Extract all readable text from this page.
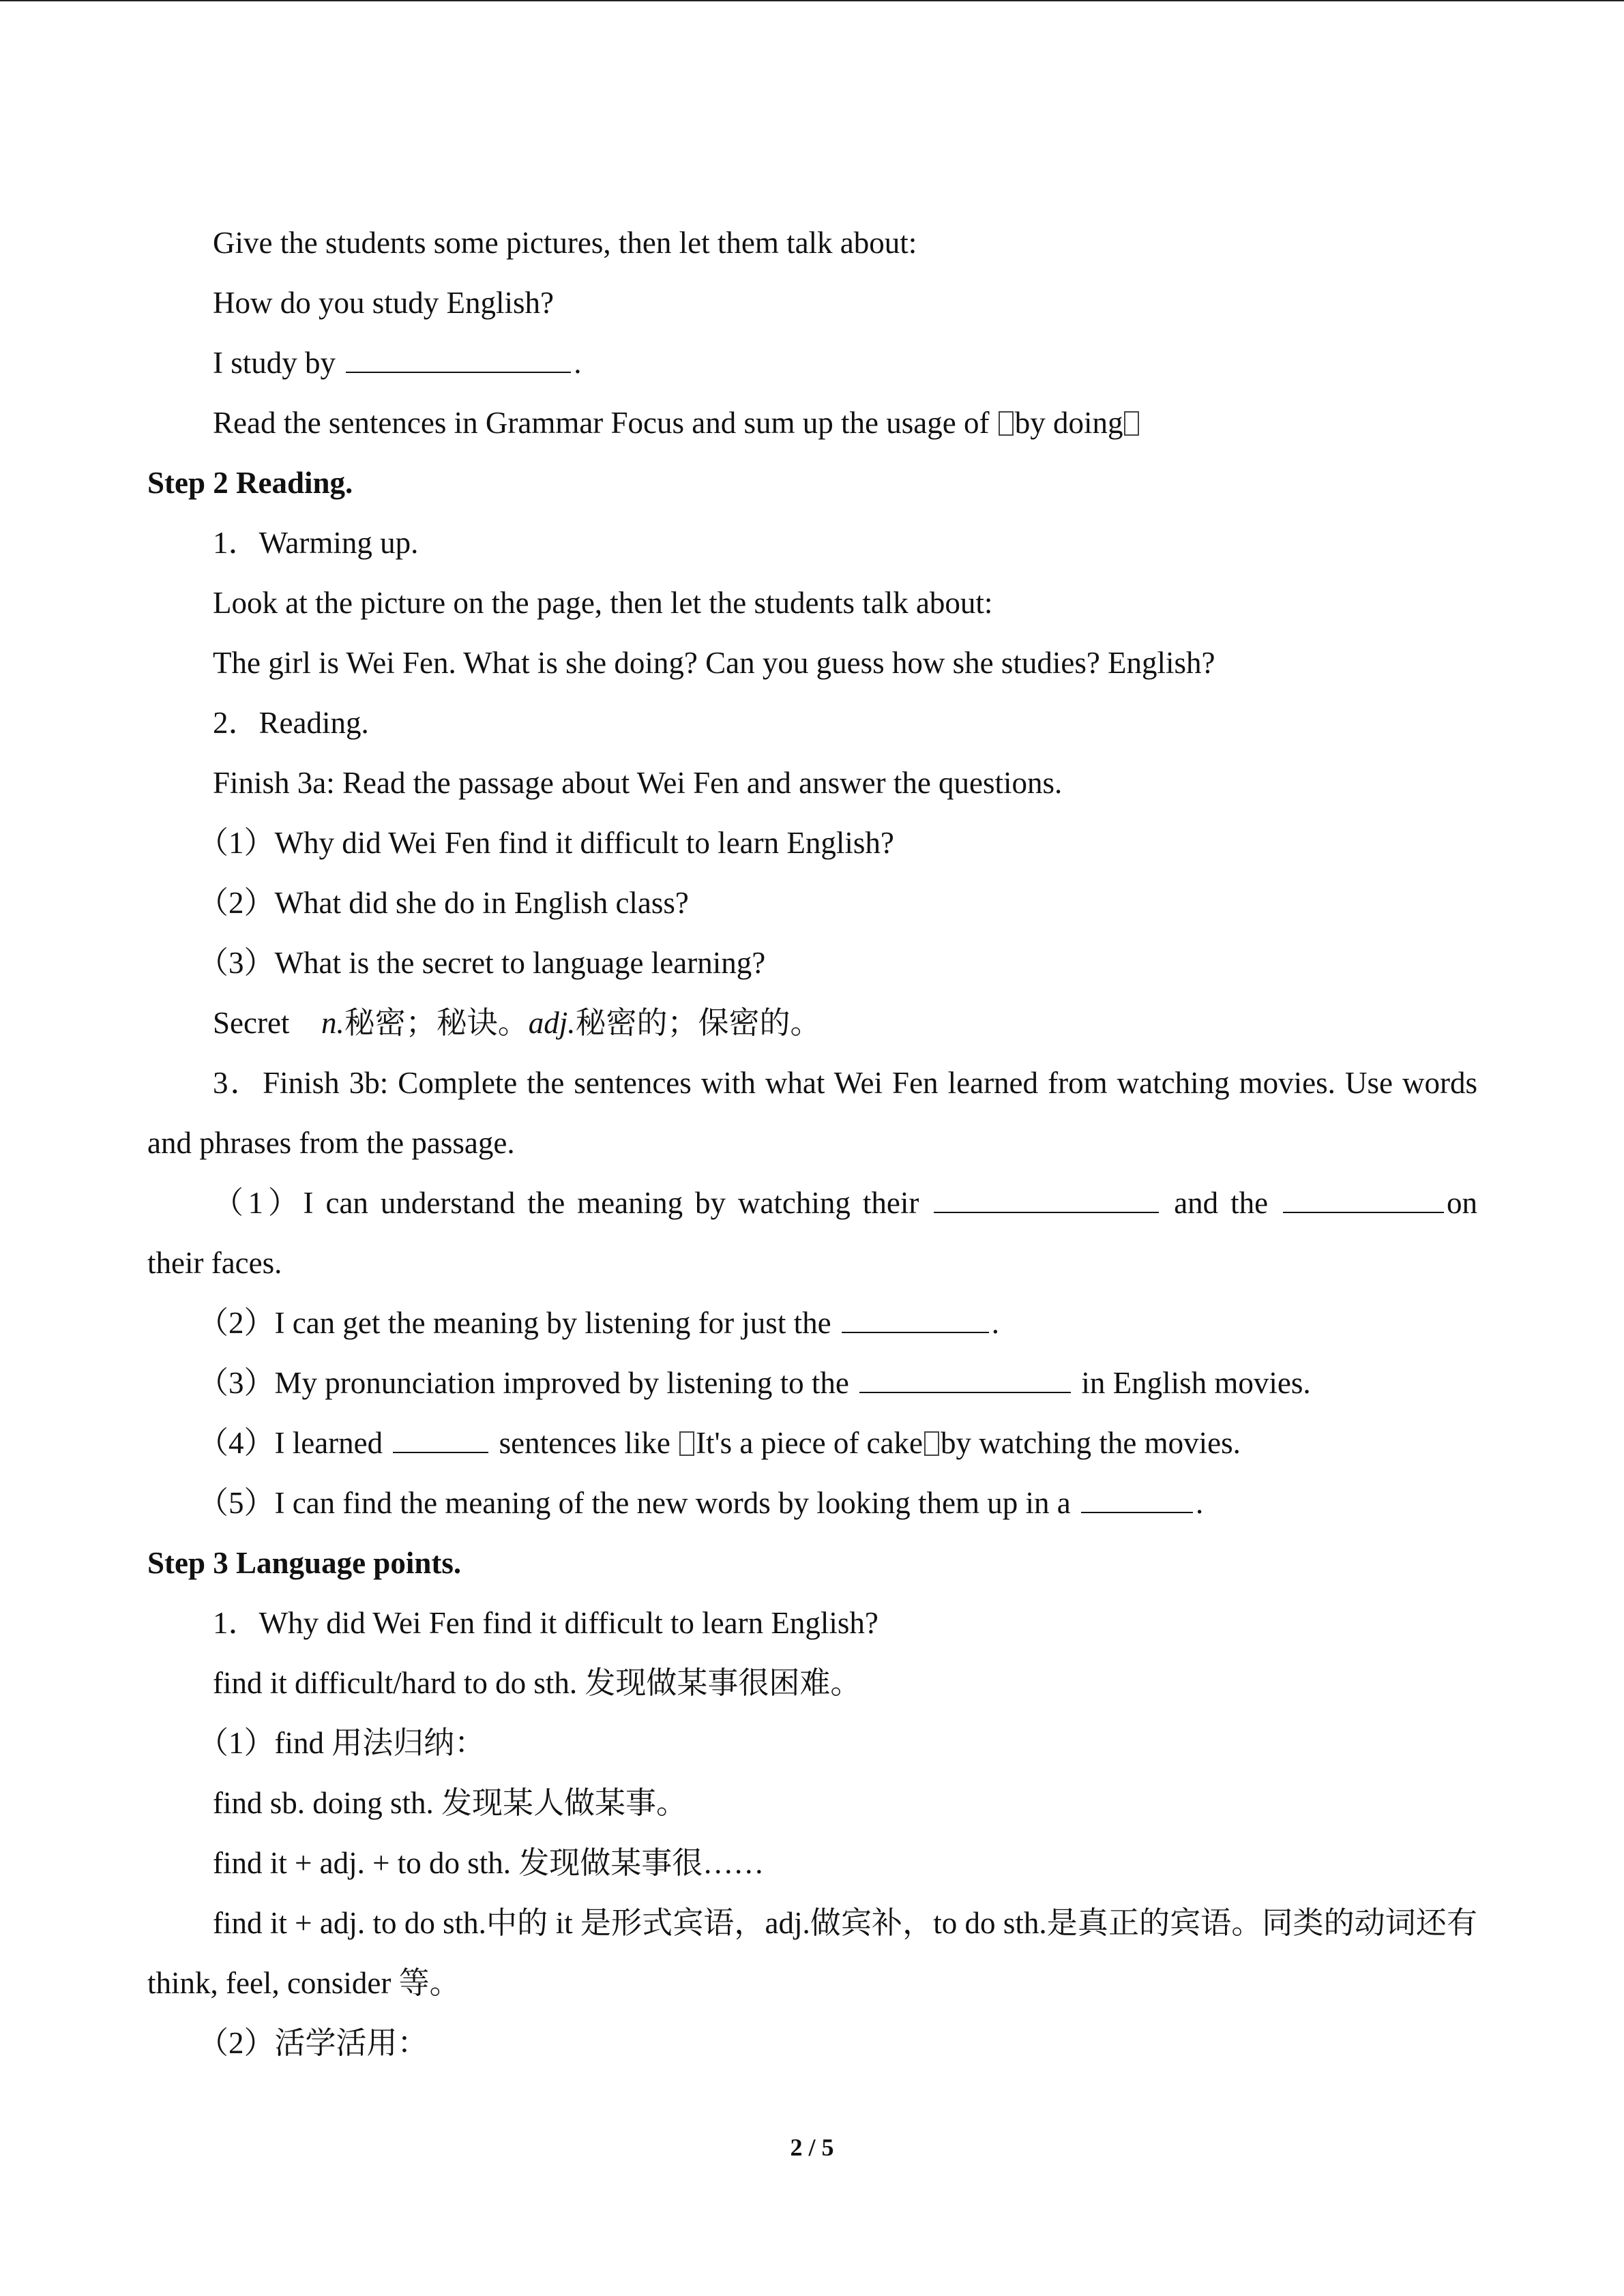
Give the students some pictures, then let them talk about:
How do you study English?
I study by	.
Read the sentences in Grammar Focus and sum up the usage of by doing
Step 2 Reading.
1．Warming up.
Look at the picture on the page, then let the students talk about:
The girl is Wei Fen. What is she doing? Can you guess how she studies? English?
2．Reading.
Finish 3a: Read the passage about Wei Fen and answer the questions.
（1）Why did Wei Fen find it difficult to learn English?
（2）What did she do in English class?
（3）What is the secret to language learning?
Secret n.秘密；秘诀。adj.秘密的；保密的。
3．Finish 3b: Complete the sentences with what Wei Fen learned from watching movies. Use words and phrases from the passage.
（1）I can understand the meaning by watching their	and the	on their faces.
（2）I can get the meaning by listening for just the	.
（3）My pronunciation improved by listening to the	in English movies.
（4）I learned	sentences like It's a piece of cake by watching the movies.
（5）I can find the meaning of the new words by looking them up in a	.
Step 3 Language points.
1．Why did Wei Fen find it difficult to learn English?
find it difficult/hard to do sth. 发现做某事很困难。
（1）find 用法归纳：
find sb. doing sth. 发现某人做某事。
find it + adj. + to do sth. 发现做某事很……
find it + adj. to do sth.中的 it 是形式宾语，adj.做宾补，to do sth.是真正的宾语。同类的动词还有 think, feel, consider 等。
（2）活学活用：
2 / 5
